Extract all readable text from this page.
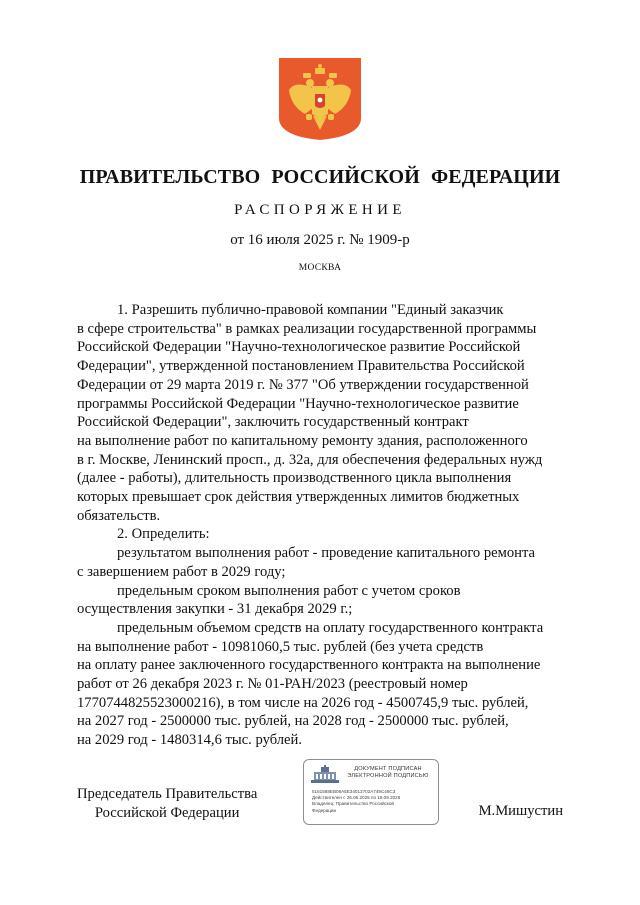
ПРАВИТЕЛЬСТВО РОССИЙСКОЙ ФЕДЕРАЦИИ
РАСПОРЯЖЕНИЕ
от 16 июля 2025 г. № 1909-р
МОСКВА

1. Разрешить публично-правовой компании "Единый заказчик
в сфере строительства" в рамках реализации государственной программы
Российской Федерации "Научно-технологическое развитие Российской
Федерации", утвержденной постановлением Правительства Российской
Федерации от 29 марта 2019 г. № 377 "Об утверждении государственной
программы Российской Федерации "Научно-технологическое развитие
Российской Федерации", заключить государственный контракт
на выполнение работ по капитальному ремонту здания, расположенного
в г. Москве, Ленинский просп., д. 32а, для обеспечения федеральных нужд
(далее - работы), длительность производственного цикла выполнения
которых превышает срок действия утвержденных лимитов бюджетных
обязательств.

2. Определить:

результатом выполнения работ - проведение капитального ремонта
с завершением работ в 2029 году;

предельным сроком выполнения работ с учетом сроков
осуществления закупки - 31 декабря 2029 г.;

предельным объемом средств на оплату государственного контракта
на выполнение работ - 10981060,5 тыс. рублей (без учета средств
на оплату ранее заключенного государственного контракта на выполнение
работ от 26 декабря 2023 г. № 01-РАН/2023 (реестровый номер
1770744825523000216), в том числе на 2026 год - 4500745,9 тыс. рублей,
на 2027 год - 2500000 тыс. рублей, на 2028 год - 2500000 тыс. рублей,
на 2029 год - 1480314,6 тыс. рублей.

Председатель Правительства
Российской Федерации
ДОКУМЕНТ ПОДПИСАН
ЭЛЕКТРОННОЙ ПОДПИСЬЮ
5161588EB06A5E34013702A749C48C3
Действителен с 26.06.2025 по 19.09.2026
Владелец: Правительство Российской
Федерации	М.Мишустин
